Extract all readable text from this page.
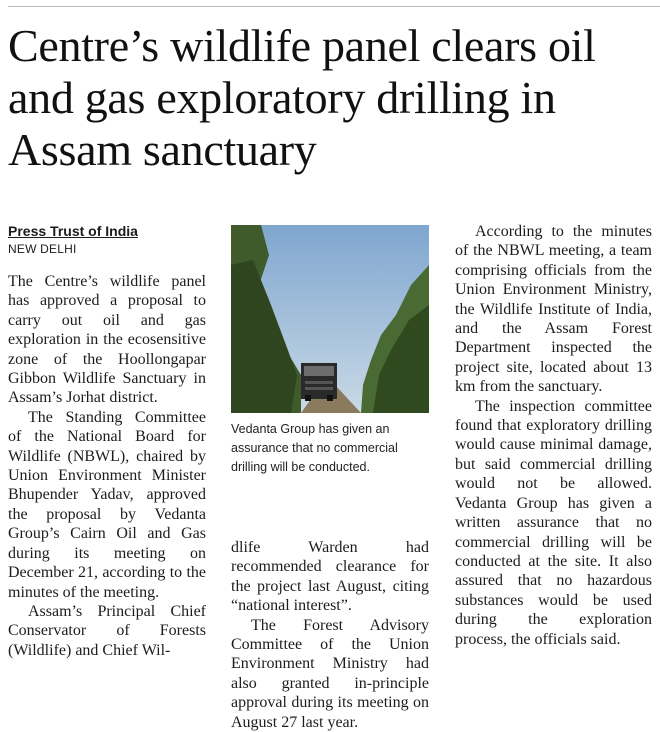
Centre’s wildlife panel clears oil and gas exploratory drilling in Assam sanctuary
Press Trust of India
NEW DELHI

The Centre’s wildlife panel has approved a proposal to carry out oil and gas exploration in the ecosensitive zone of the Hoollongapar Gibbon Wildlife Sanctuary in Assam’s Jorhat district.

The Standing Committee of the National Board for Wildlife (NBWL), chaired by Union Environment Minister Bhupender Yadav, approved the proposal by Vedanta Group’s Cairn Oil and Gas during its meeting on December 21, according to the minutes of the meeting.

Assam’s Principal Chief Conservator of Forests (Wildlife) and Chief Wil-

Vedanta Group has given an assurance that no commercial drilling will be conducted.

dlife Warden had recommended clearance for the project last August, citing “national interest”.

The Forest Advisory Committee of the Union Environment Ministry had also granted in-principle approval during its meeting on August 27 last year.

According to the minutes of the NBWL meeting, a team comprising officials from the Union Environment Ministry, the Wildlife Institute of India, and the Assam Forest Department inspected the project site, located about 13 km from the sanctuary.

The inspection committee found that exploratory drilling would cause minimal damage, but said commercial drilling would not be allowed. Vedanta Group has given a written assurance that no commercial drilling will be conducted at the site. It also assured that no hazardous substances would be used during the exploration process, the officials said.
